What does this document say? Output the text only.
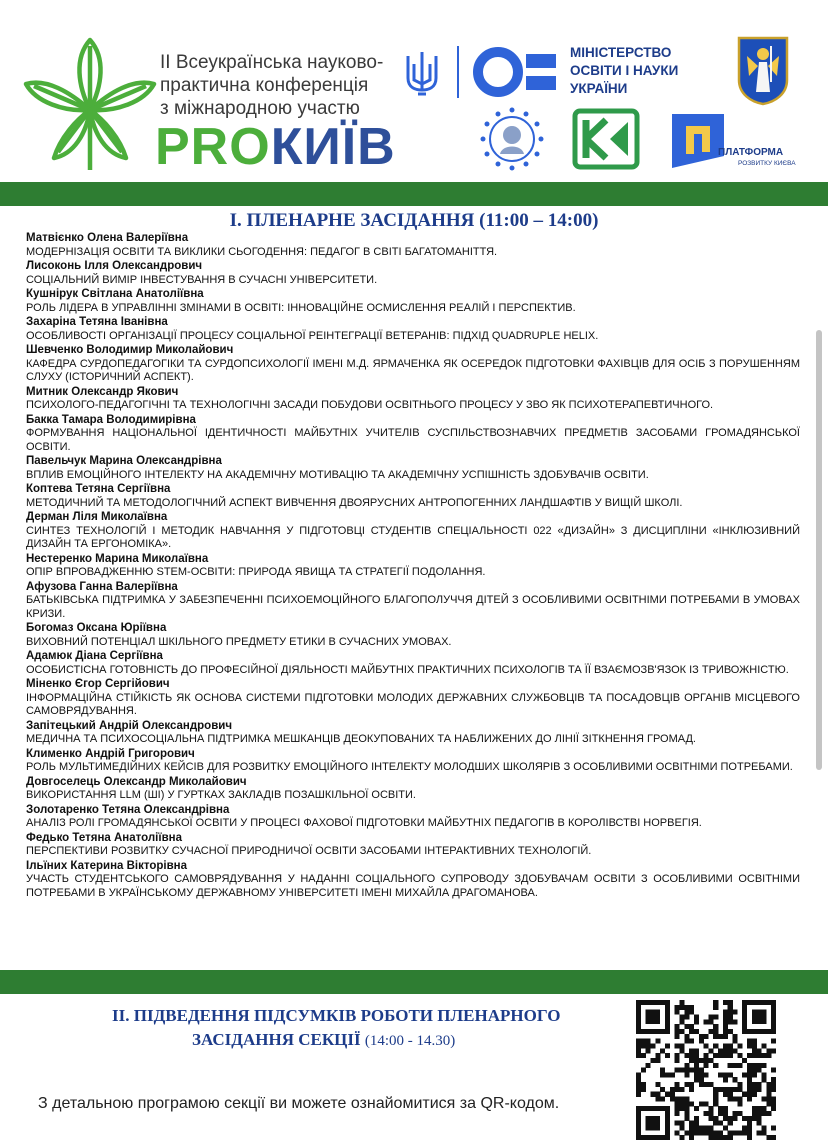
ІІ Всеукраїнська науково-
практична конференція
з міжнародною участю
PROКИЇВ
МІНІСТЕРСТВО
ОСВІТИ І НАУКИ
УКРАЇНИ
ПЛАТФОРМА
РОЗВИТКУ КИЄВА
I. ПЛЕНАРНЕ ЗАСІДАННЯ (11:00 – 14:00)
Матвієнко Олена Валеріївна
МОДЕРНІЗАЦІЯ ОСВІТИ ТА ВИКЛИКИ СЬОГОДЕННЯ: ПЕДАГОГ В СВІТІ БАГАТОМАНІТТЯ.
Лисоконь Ілля Олександрович
СОЦІАЛЬНИЙ ВИМІР ІНВЕСТУВАННЯ В СУЧАСНІ УНІВЕРСИТЕТИ.
Кушнірук Світлана Анатоліївна
РОЛЬ ЛІДЕРА В УПРАВЛІННІ ЗМІНАМИ В ОСВІТІ: ІННОВАЦІЙНЕ ОСМИСЛЕННЯ РЕАЛІЙ І ПЕРСПЕКТИВ.
Захаріна Тетяна Іванівна
ОСОБЛИВОСТІ ОРГАНІЗАЦІЇ ПРОЦЕСУ СОЦІАЛЬНОЇ РЕІНТЕГРАЦІЇ ВЕТЕРАНІВ: ПІДХІД QUADRUPLE HELIX.
Шевченко Володимир Миколайович
КАФЕДРА СУРДОПЕДАГОГІКИ ТА СУРДОПСИХОЛОГІЇ ІМЕНІ М.Д. ЯРМАЧЕНКА ЯК ОСЕРЕДОК ПІДГОТОВКИ ФАХІВЦІВ ДЛЯ ОСІБ З ПОРУШЕННЯМ СЛУХУ (ІСТОРИЧНИЙ АСПЕКТ).
Митник Олександр Якович
ПСИХОЛОГО-ПЕДАГОГІЧНІ ТА ТЕХНОЛОГІЧНІ ЗАСАДИ ПОБУДОВИ ОСВІТНЬОГО ПРОЦЕСУ У ЗВО ЯК ПСИХОТЕРАПЕВТИЧНОГО.
Бакка Тамара Володимирівна
ФОРМУВАННЯ НАЦІОНАЛЬНОЇ ІДЕНТИЧНОСТІ МАЙБУТНІХ УЧИТЕЛІВ СУСПІЛЬСТВОЗНАВЧИХ ПРЕДМЕТІВ ЗАСОБАМИ ГРОМАДЯНСЬКОЇ ОСВІТИ.
Павельчук Марина Олександрівна
ВПЛИВ ЕМОЦІЙНОГО ІНТЕЛЕКТУ НА АКАДЕМІЧНУ МОТИВАЦІЮ ТА АКАДЕМІЧНУ УСПІШНІСТЬ ЗДОБУВАЧІВ ОСВІТИ.
Коптева Тетяна Сергіївна
МЕТОДИЧНИЙ ТА МЕТОДОЛОГІЧНИЙ АСПЕКТ ВИВЧЕННЯ ДВОЯРУСНИХ АНТРОПОГЕННИХ ЛАНДШАФТІВ У ВИЩІЙ ШКОЛІ.
Дерман Ліля Миколаївна
СИНТЕЗ ТЕХНОЛОГІЙ І МЕТОДИК НАВЧАННЯ У ПІДГОТОВЦІ СТУДЕНТІВ СПЕЦІАЛЬНОСТІ 022 «ДИЗАЙН» З ДИСЦИПЛІНИ «ІНКЛЮЗИВНИЙ ДИЗАЙН ТА ЕРГОНОМІКА».
Нестеренко Марина Миколаївна
ОПІР ВПРОВАДЖЕННЮ STEM-ОСВІТИ: ПРИРОДА ЯВИЩА ТА СТРАТЕГІЇ ПОДОЛАННЯ.
Афузова Ганна Валеріївна
БАТЬКІВСЬКА ПІДТРИМКА У ЗАБЕЗПЕЧЕННІ ПСИХОЕМОЦІЙНОГО БЛАГОПОЛУЧЧЯ ДІТЕЙ З ОСОБЛИВИМИ ОСВІТНІМИ ПОТРЕБАМИ В УМОВАХ КРИЗИ.
Богомаз Оксана Юріївна
ВИХОВНИЙ ПОТЕНЦІАЛ ШКІЛЬНОГО ПРЕДМЕТУ ЕТИКИ В СУЧАСНИХ УМОВАХ.
Адамюк Діана Сергіївна
ОСОБИСТІСНА ГОТОВНІСТЬ ДО ПРОФЕСІЙНОЇ ДІЯЛЬНОСТІ МАЙБУТНІХ ПРАКТИЧНИХ ПСИХОЛОГІВ ТА ЇЇ ВЗАЄМОЗВ'ЯЗОК ІЗ ТРИВОЖНІСТЮ.
Міненко Єгор Сергійович
ІНФОРМАЦІЙНА СТІЙКІСТЬ ЯК ОСНОВА СИСТЕМИ ПІДГОТОВКИ МОЛОДИХ ДЕРЖАВНИХ СЛУЖБОВЦІВ ТА ПОСАДОВЦІВ ОРГАНІВ МІСЦЕВОГО САМОВРЯДУВАННЯ.
Запітецький Андрій Олександрович
МЕДИЧНА ТА ПСИХОСОЦІАЛЬНА ПІДТРИМКА МЕШКАНЦІВ ДЕОКУПОВАНИХ ТА НАБЛИЖЕНИХ ДО ЛІНІЇ ЗІТКНЕННЯ ГРОМАД.
Клименко Андрій Григорович
РОЛЬ МУЛЬТИМЕДІЙНИХ КЕЙСІВ ДЛЯ РОЗВИТКУ ЕМОЦІЙНОГО ІНТЕЛЕКТУ МОЛОДШИХ ШКОЛЯРІВ З ОСОБЛИВИМИ ОСВІТНІМИ ПОТРЕБАМИ.
Довгоселець Олександр Миколайович
ВИКОРИСТАННЯ LLM (ШІ) У ГУРТКАХ ЗАКЛАДІВ ПОЗАШКІЛЬНОЇ ОСВІТИ.
Золотаренко Тетяна Олександрівна
АНАЛІЗ РОЛІ ГРОМАДЯНСЬКОЇ ОСВІТИ У ПРОЦЕСІ ФАХОВОЇ ПІДГОТОВКИ МАЙБУТНІХ ПЕДАГОГІВ В КОРОЛІВСТВІ НОРВЕГІЯ.
Федько Тетяна Анатоліївна
ПЕРСПЕКТИВИ РОЗВИТКУ СУЧАСНОЇ ПРИРОДНИЧОЇ ОСВІТИ ЗАСОБАМИ ІНТЕРАКТИВНИХ ТЕХНОЛОГІЙ.
Ільїних Катерина Вікторівна
УЧАСТЬ СТУДЕНТСЬКОГО САМОВРЯДУВАННЯ У НАДАННІ СОЦІАЛЬНОГО СУПРОВОДУ ЗДОБУВАЧАМ ОСВІТИ З ОСОБЛИВИМИ ОСВІТНІМИ ПОТРЕБАМИ В УКРАЇНСЬКОМУ ДЕРЖАВНОМУ УНІВЕРСИТЕТІ ІМЕНІ МИХАЙЛА ДРАГОМАНОВА.
II. ПІДВЕДЕННЯ ПІДСУМКІВ РОБОТИ ПЛЕНАРНОГО
ЗАСІДАННЯ СЕКЦІЇ (14:00 - 14.30)
З детальною програмою секції ви можете ознайомитися за QR-кодом.
